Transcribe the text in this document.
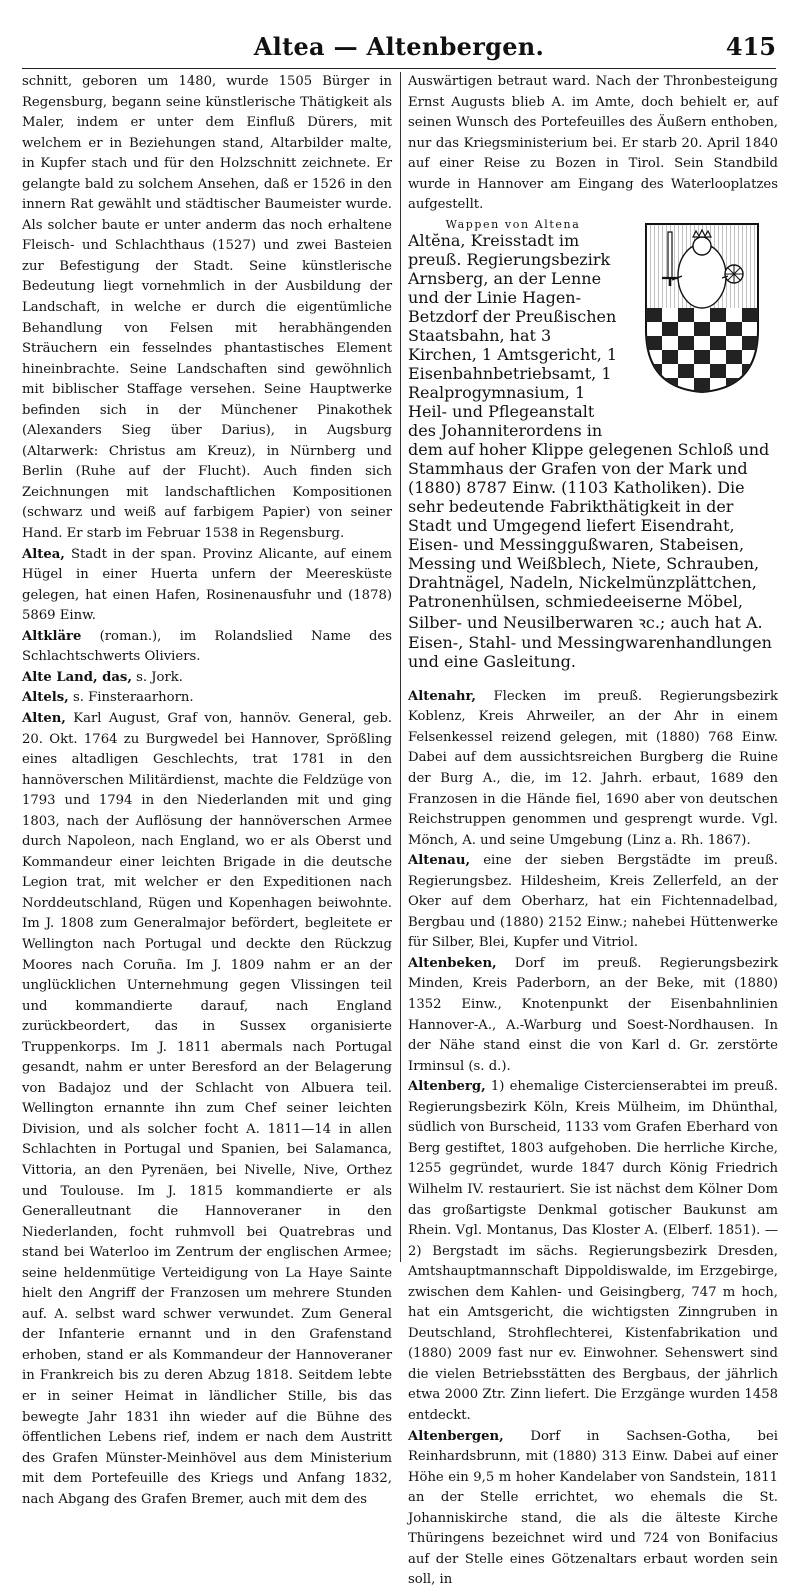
Altea — Altenbergen.	415

schnitt, geboren um 1480, wurde 1505 Bürger in Regensburg, begann seine künstlerische Thätigkeit als Maler, indem er unter dem Einfluß Dürers, mit welchem er in Beziehungen stand, Altarbilder malte, in Kupfer stach und für den Holzschnitt zeichnete. Er gelangte bald zu solchem Ansehen, daß er 1526 in den innern Rat gewählt und städtischer Baumeister wurde. Als solcher baute er unter anderm das noch erhaltene Fleisch- und Schlachthaus (1527) und zwei Basteien zur Befestigung der Stadt. Seine künstlerische Bedeutung liegt vornehmlich in der Ausbildung der Landschaft, in welche er durch die eigentümliche Behandlung von Felsen mit herabhängenden Sträuchern ein fesselndes phantastisches Element hineinbrachte. Seine Landschaften sind gewöhnlich mit biblischer Staffage versehen. Seine Hauptwerke befinden sich in der Münchener Pinakothek (Alexanders Sieg über Darius), in Augsburg (Altarwerk: Christus am Kreuz), in Nürnberg und Berlin (Ruhe auf der Flucht). Auch finden sich Zeichnungen mit landschaftlichen Kompositionen (schwarz und weiß auf farbigem Papier) von seiner Hand. Er starb im Februar 1538 in Regensburg.

Altea, Stadt in der span. Provinz Alicante, auf einem Hügel in einer Huerta unfern der Meeresküste gelegen, hat einen Hafen, Rosinenausfuhr und (1878) 5869 Einw.

Altkläre (roman.), im Rolandslied Name des Schlachtschwerts Oliviers.

Alte Land, das, s. Jork.

Altels, s. Finsteraarhorn.

Alten, Karl August, Graf von, hannöv. General, geb. 20. Okt. 1764 zu Burgwedel bei Hannover, Sprößling eines altadligen Geschlechts, trat 1781 in den hannöverschen Militärdienst, machte die Feldzüge von 1793 und 1794 in den Niederlanden mit und ging 1803, nach der Auflösung der hannöverschen Armee durch Napoleon, nach England, wo er als Oberst und Kommandeur einer leichten Brigade in die deutsche Legion trat, mit welcher er den Expeditionen nach Norddeutschland, Rügen und Kopenhagen beiwohnte. Im J. 1808 zum Generalmajor befördert, begleitete er Wellington nach Portugal und deckte den Rückzug Moores nach Coruña. Im J. 1809 nahm er an der unglücklichen Unternehmung gegen Vlissingen teil und kommandierte darauf, nach England zurückbeordert, das in Sussex organisierte Truppenkorps. Im J. 1811 abermals nach Portugal gesandt, nahm er unter Beresford an der Belagerung von Badajoz und der Schlacht von Albuera teil. Wellington ernannte ihn zum Chef seiner leichten Division, und als solcher focht A. 1811—14 in allen Schlachten in Portugal und Spanien, bei Salamanca, Vittoria, an den Pyrenäen, bei Nivelle, Nive, Orthez und Toulouse. Im J. 1815 kommandierte er als Generalleutnant die Hannoveraner in den Niederlanden, focht ruhmvoll bei Quatrebras und stand bei Waterloo im Zentrum der englischen Armee; seine heldenmütige Verteidigung von La Haye Sainte hielt den Angriff der Franzosen um mehrere Stunden auf. A. selbst ward schwer verwundet. Zum General der Infanterie ernannt und in den Grafenstand erhoben, stand er als Kommandeur der Hannoveraner in Frankreich bis zu deren Abzug 1818. Seitdem lebte er in seiner Heimat in ländlicher Stille, bis das bewegte Jahr 1831 ihn wieder auf die Bühne des öffentlichen Lebens rief, indem er nach dem Austritt des Grafen Münster-Meinhövel aus dem Ministerium mit dem Portefeuille des Kriegs und Anfang 1832, nach Abgang des Grafen Bremer, auch mit dem des

Auswärtigen betraut ward. Nach der Thronbesteigung Ernst Augusts blieb A. im Amte, doch behielt er, auf seinen Wunsch des Portefeuilles des Äußern enthoben, nur das Kriegsministerium bei. Er starb 20. April 1840 auf einer Reise zu Bozen in Tirol. Sein Standbild wurde in Hannover am Eingang des Waterlooplatzes aufgestellt.

Wappen von Altena
Altĕna, Kreisstadt im preuß. Regierungsbezirk Arnsberg, an der Lenne und der Linie Hagen-Betzdorf der Preußischen Staatsbahn, hat 3 Kirchen, 1 Amtsgericht, 1 Eisenbahnbetriebsamt, 1 Realprogymnasium, 1 Heil- und Pflegeanstalt des Johanniterordens in dem auf hoher Klippe gelegenen Schloß und Stammhaus der Grafen von der Mark und (1880) 8787 Einw. (1103 Katholiken). Die sehr bedeutende Fabrikthätigkeit in der Stadt und Umgegend liefert Eisendraht, Eisen- und Messinggußwaren, Stabeisen, Messing und Weißblech, Niete, Schrauben, Drahtnägel, Nadeln, Nickelmünzplättchen, Patronenhülsen, schmiedeeiserne Möbel, Silber- und Neusilberwaren ꝛc.; auch hat A. Eisen-, Stahl- und Messingwarenhandlungen und eine Gasleitung.

Altenahr, Flecken im preuß. Regierungsbezirk Koblenz, Kreis Ahrweiler, an der Ahr in einem Felsenkessel reizend gelegen, mit (1880) 768 Einw. Dabei auf dem aussichtsreichen Burgberg die Ruine der Burg A., die, im 12. Jahrh. erbaut, 1689 den Franzosen in die Hände fiel, 1690 aber von deutschen Reichstruppen genommen und gesprengt wurde. Vgl. Mönch, A. und seine Umgebung (Linz a. Rh. 1867).

Altenau, eine der sieben Bergstädte im preuß. Regierungsbez. Hildesheim, Kreis Zellerfeld, an der Oker auf dem Oberharz, hat ein Fichtennadelbad, Bergbau und (1880) 2152 Einw.; nahebei Hüttenwerke für Silber, Blei, Kupfer und Vitriol.

Altenbeken, Dorf im preuß. Regierungsbezirk Minden, Kreis Paderborn, an der Beke, mit (1880) 1352 Einw., Knotenpunkt der Eisenbahnlinien Hannover-A., A.-Warburg und Soest-Nordhausen. In der Nähe stand einst die von Karl d. Gr. zerstörte Irminsul (s. d.).

Altenberg, 1) ehemalige Cistercienserabtei im preuß. Regierungsbezirk Köln, Kreis Mülheim, im Dhünthal, südlich von Burscheid, 1133 vom Grafen Eberhard von Berg gestiftet, 1803 aufgehoben. Die herrliche Kirche, 1255 gegründet, wurde 1847 durch König Friedrich Wilhelm IV. restauriert. Sie ist nächst dem Kölner Dom das großartigste Denkmal gotischer Baukunst am Rhein. Vgl. Montanus, Das Kloster A. (Elberf. 1851). — 2) Bergstadt im sächs. Regierungsbezirk Dresden, Amtshauptmannschaft Dippoldiswalde, im Erzgebirge, zwischen dem Kahlen- und Geisingberg, 747 m hoch, hat ein Amtsgericht, die wichtigsten Zinngruben in Deutschland, Strohflechterei, Kistenfabrikation und (1880) 2009 fast nur ev. Einwohner. Sehenswert sind die vielen Betriebsstätten des Bergbaus, der jährlich etwa 2000 Ztr. Zinn liefert. Die Erzgänge wurden 1458 entdeckt.

Altenbergen, Dorf in Sachsen-Gotha, bei Reinhardsbrunn, mit (1880) 313 Einw. Dabei auf einer Höhe ein 9,5 m hoher Kandelaber von Sandstein, 1811 an der Stelle errichtet, wo ehemals die St. Johanniskirche stand, die als die älteste Kirche Thüringens bezeichnet wird und 724 von Bonifacius auf der Stelle eines Götzenaltars erbaut worden sein soll, in
